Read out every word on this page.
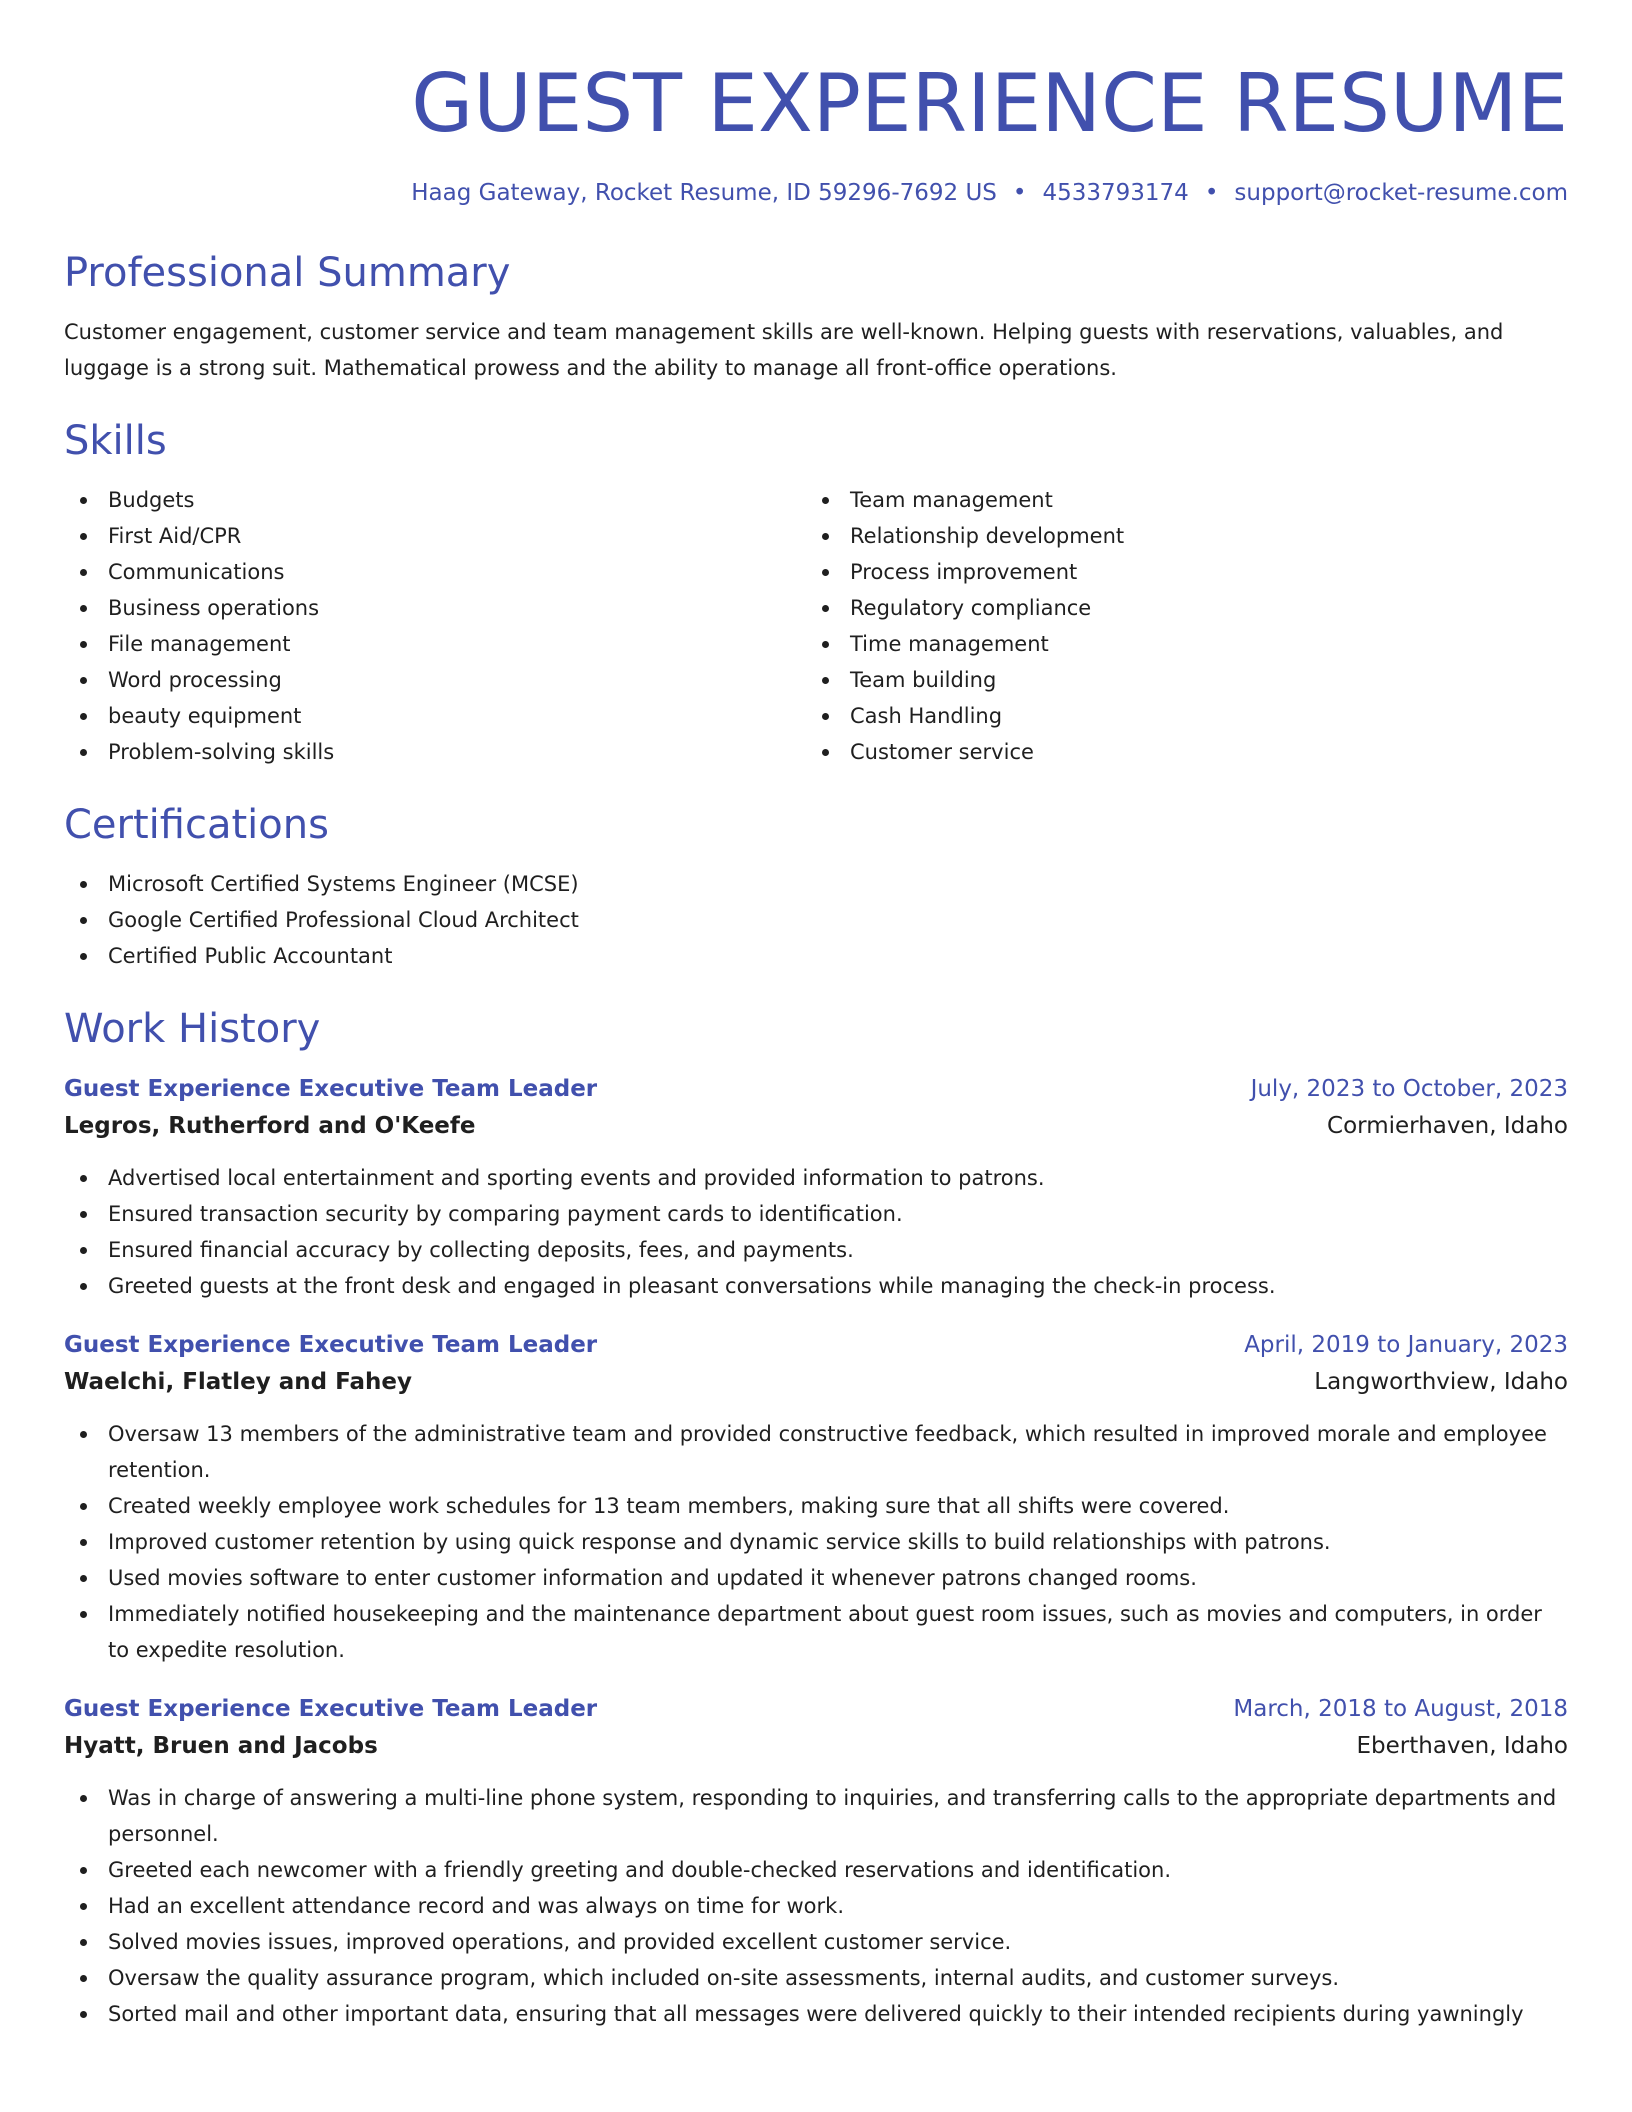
GUEST EXPERIENCE RESUME
Haag Gateway, Rocket Resume, ID 59296-7692 US • 4533793174 • support@rocket-resume.com
Professional Summary
Customer engagement, customer service and team management skills are well-known. Helping guests with reservations, valuables, and luggage is a strong suit. Mathematical prowess and the ability to manage all front-office operations.
Skills
Budgets
First Aid/CPR
Communications
Business operations
File management
Word processing
beauty equipment
Problem-solving skills
Team management
Relationship development
Process improvement
Regulatory compliance
Time management
Team building
Cash Handling
Customer service
Certifications
Microsoft Certified Systems Engineer (MCSE)
Google Certified Professional Cloud Architect
Certified Public Accountant
Work History
Guest Experience Executive Team Leader	July, 2023 to October, 2023
Legros, Rutherford and O'Keefe	Cormierhaven, Idaho
Advertised local entertainment and sporting events and provided information to patrons.
Ensured transaction security by comparing payment cards to identification.
Ensured financial accuracy by collecting deposits, fees, and payments.
Greeted guests at the front desk and engaged in pleasant conversations while managing the check-in process.
Guest Experience Executive Team Leader	April, 2019 to January, 2023
Waelchi, Flatley and Fahey	Langworthview, Idaho
Oversaw 13 members of the administrative team and provided constructive feedback, which resulted in improved morale and employee retention.
Created weekly employee work schedules for 13 team members, making sure that all shifts were covered.
Improved customer retention by using quick response and dynamic service skills to build relationships with patrons.
Used movies software to enter customer information and updated it whenever patrons changed rooms.
Immediately notified housekeeping and the maintenance department about guest room issues, such as movies and computers, in order to expedite resolution.
Guest Experience Executive Team Leader	March, 2018 to August, 2018
Hyatt, Bruen and Jacobs	Eberthaven, Idaho
Was in charge of answering a multi-line phone system, responding to inquiries, and transferring calls to the appropriate departments and personnel.
Greeted each newcomer with a friendly greeting and double-checked reservations and identification.
Had an excellent attendance record and was always on time for work.
Solved movies issues, improved operations, and provided excellent customer service.
Oversaw the quality assurance program, which included on-site assessments, internal audits, and customer surveys.
Sorted mail and other important data, ensuring that all messages were delivered quickly to their intended recipients during yawningly
